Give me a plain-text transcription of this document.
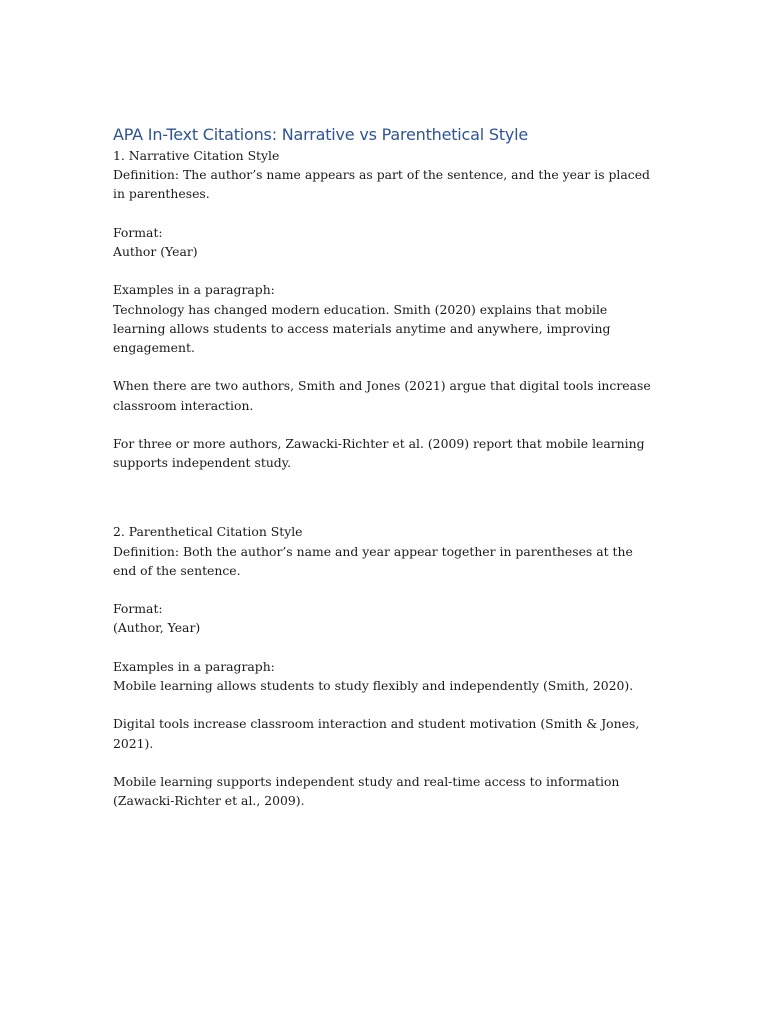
APA In-Text Citations: Narrative vs Parenthetical Style

1. Narrative Citation Style

Definition: The author’s name appears as part of the sentence, and the year is placed in parentheses.

Format:

Author (Year)

Examples in a paragraph:

Technology has changed modern education. Smith (2020) explains that mobile learning allows students to access materials anytime and anywhere, improving engagement.

When there are two authors, Smith and Jones (2021) argue that digital tools increase classroom interaction.

For three or more authors, Zawacki-Richter et al. (2009) report that mobile learning supports independent study.

2. Parenthetical Citation Style

Definition: Both the author’s name and year appear together in parentheses at the end of the sentence.

Format:

(Author, Year)

Examples in a paragraph:

Mobile learning allows students to study flexibly and independently (Smith, 2020).

Digital tools increase classroom interaction and student motivation (Smith & Jones, 2021).

Mobile learning supports independent study and real-time access to information (Zawacki-Richter et al., 2009).
